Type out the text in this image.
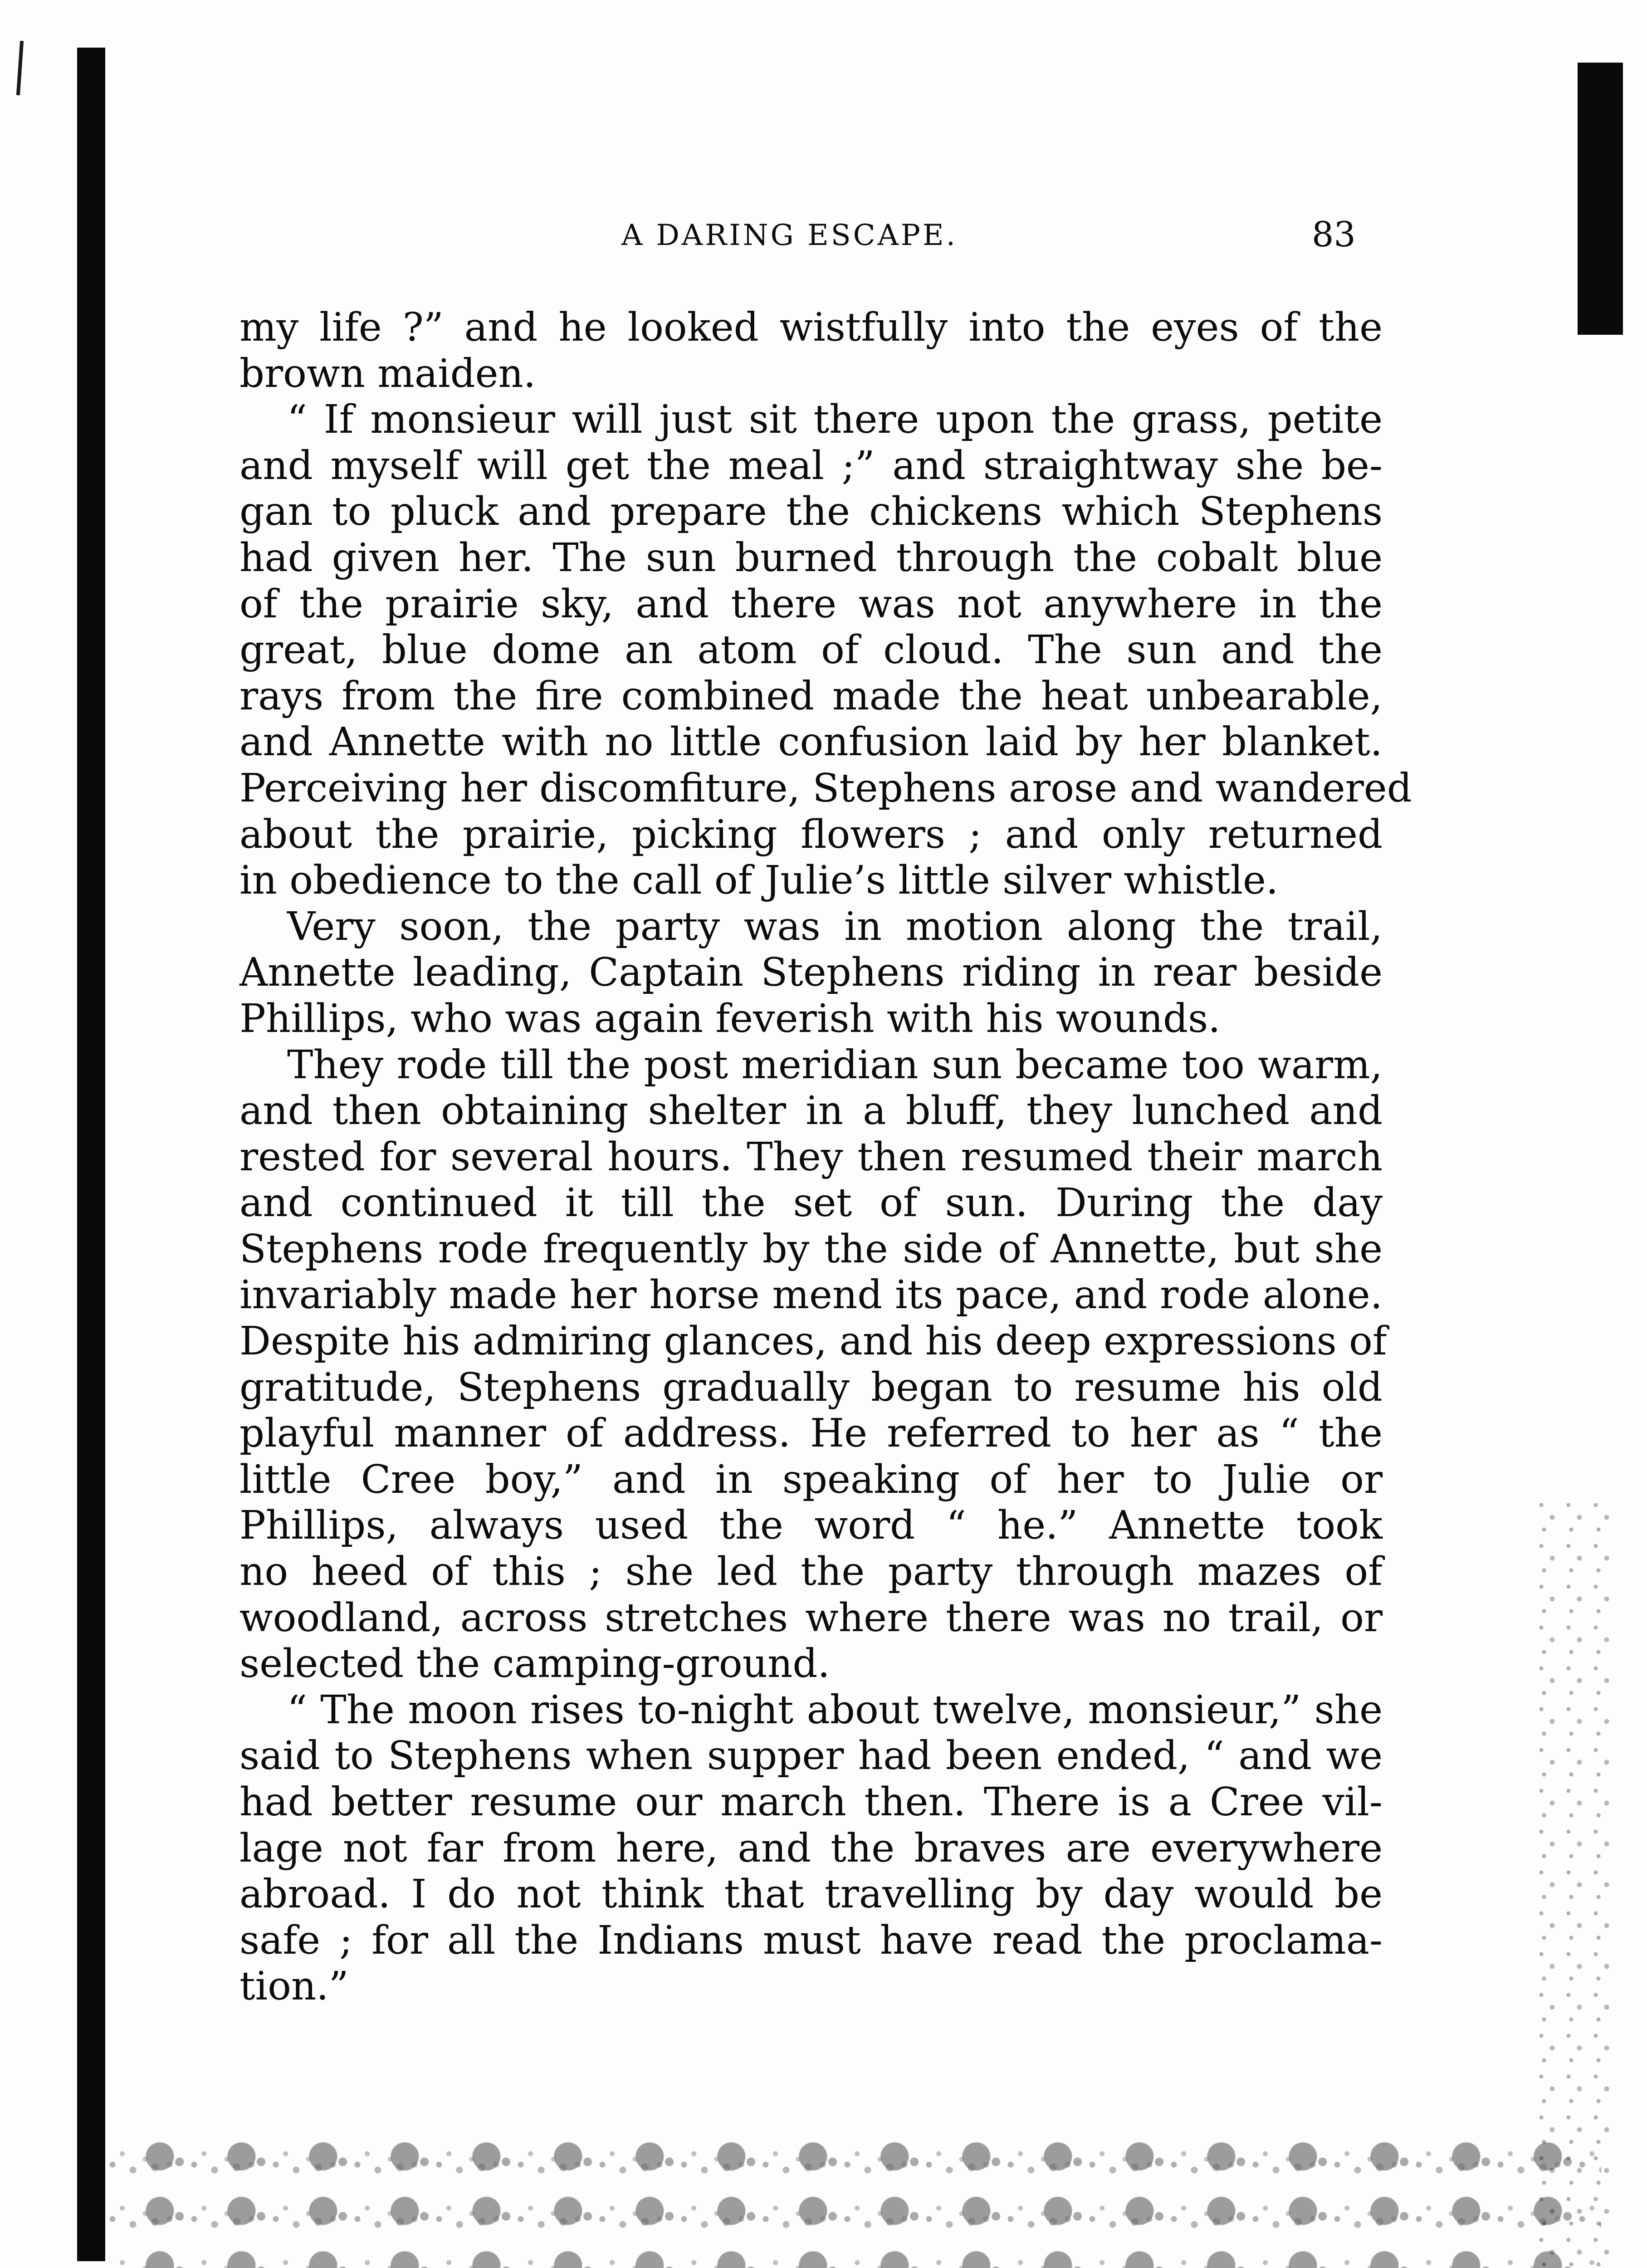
A DARING ESCAPE.	83
my life ?” and he looked wistfully into the eyes of the
brown maiden.
“ If monsieur will just sit there upon the grass, petite
and myself will get the meal ;” and straightway she be-
gan to pluck and prepare the chickens which Stephens
had given her. The sun burned through the cobalt blue
of the prairie sky, and there was not anywhere in the
great, blue dome an atom of cloud. The sun and the
rays from the fire combined made the heat unbearable,
and Annette with no little confusion laid by her blanket.
Perceiving her discomfiture, Stephens arose and wandered
about the prairie, picking flowers ; and only returned
in obedience to the call of Julie’s little silver whistle.
Very soon, the party was in motion along the trail,
Annette leading, Captain Stephens riding in rear beside
Phillips, who was again feverish with his wounds.
They rode till the post meridian sun became too warm,
and then obtaining shelter in a bluff, they lunched and
rested for several hours. They then resumed their march
and continued it till the set of sun. During the day
Stephens rode frequently by the side of Annette, but she
invariably made her horse mend its pace, and rode alone.
Despite his admiring glances, and his deep expressions of
gratitude, Stephens gradually began to resume his old
playful manner of address. He referred to her as “ the
little Cree boy,” and in speaking of her to Julie or
Phillips, always used the word “ he.” Annette took
no heed of this ; she led the party through mazes of
woodland, across stretches where there was no trail, or
selected the camping-ground.
“ The moon rises to-night about twelve, monsieur,” she
said to Stephens when supper had been ended, “ and we
had better resume our march then. There is a Cree vil-
lage not far from here, and the braves are everywhere
abroad. I do not think that travelling by day would be
safe ; for all the Indians must have read the proclama-
tion.”
